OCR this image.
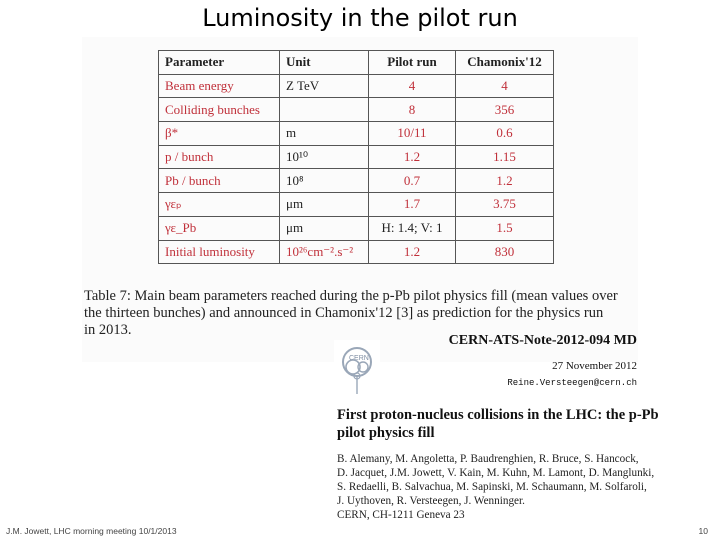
Luminosity in the pilot run
Parameter	Unit	Pilot run	Chamonix'12
Beam energy	Z TeV	4	4
Colliding bunches		8	356
β*	m	10/11	0.6
p / bunch	10¹⁰	1.2	1.15
Pb / bunch	10⁸	0.7	1.2
γεₚ	μm	1.7	3.75
γε_Pb	μm	H: 1.4; V: 1	1.5
Initial luminosity	10²⁶cm⁻².s⁻²	1.2	830
Table 7: Main beam parameters reached during the p-Pb pilot physics fill (mean values over
the thirteen bunches) and announced in Chamonix'12 [3] as prediction for the physics run
in 2013.
CERN
CERN-ATS-Note-2012-094 MD
27 November 2012
Reine.Versteegen@cern.ch
First proton-nucleus collisions in the LHC: the p-Pb
pilot physics fill
B. Alemany, M. Angoletta, P. Baudrenghien, R. Bruce, S. Hancock,
D. Jacquet, J.M. Jowett, V. Kain, M. Kuhn, M. Lamont, D. Manglunki,
S. Redaelli, B. Salvachua, M. Sapinski, M. Schaumann, M. Solfaroli,
J. Uythoven, R. Versteegen, J. Wenninger.
CERN, CH-1211 Geneva 23
J.M. Jowett, LHC morning meeting 10/1/2013	10
